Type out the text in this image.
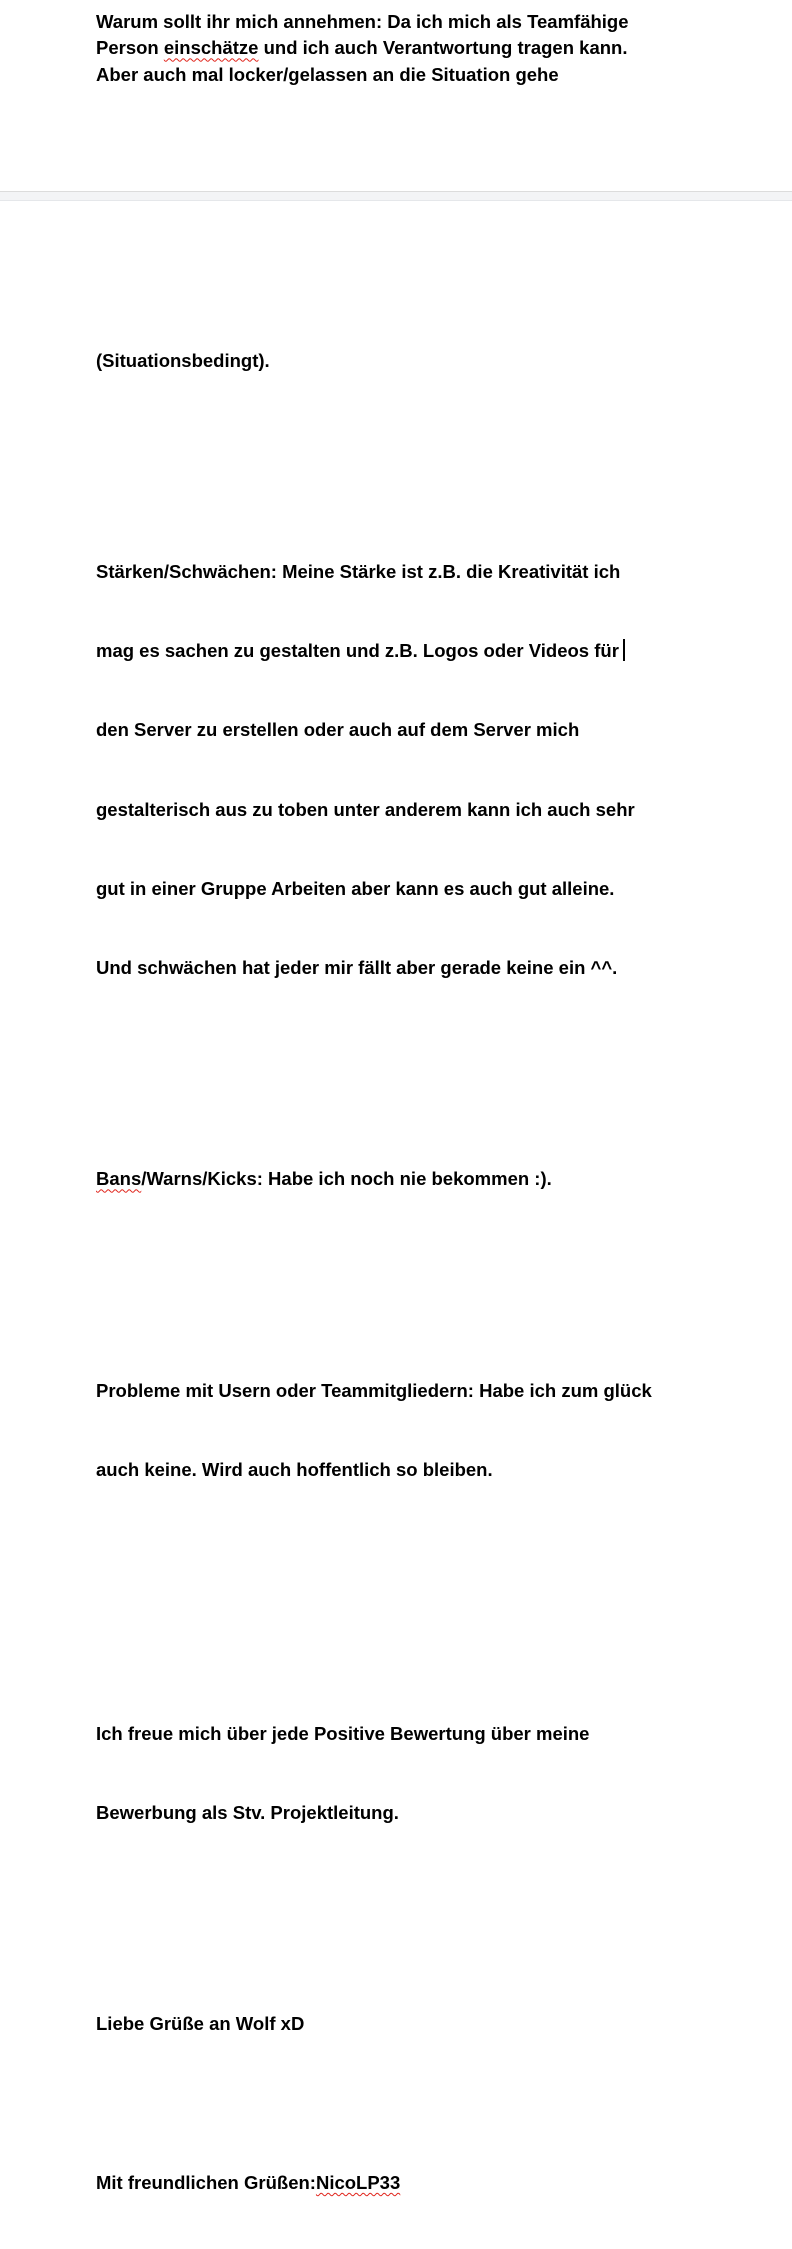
Warum sollt ihr mich annehmen: Da ich mich als Teamfähige
Person einschätze und ich auch Verantwortung tragen kann.
Aber auch mal locker/gelassen an die Situation gehe

(Situationsbedingt).

Stärken/Schwächen: Meine Stärke ist z.B. die Kreativität ich

mag es sachen zu gestalten und z.B. Logos oder Videos für

den Server zu erstellen oder auch auf dem Server mich

gestalterisch aus zu toben unter anderem kann ich auch sehr

gut in einer Gruppe Arbeiten aber kann es auch gut alleine.

Und schwächen hat jeder mir fällt aber gerade keine ein ^^.

Bans/Warns/Kicks: Habe ich noch nie bekommen :).

Probleme mit Usern oder Teammitgliedern: Habe ich zum glück

auch keine. Wird auch hoffentlich so bleiben.

Ich freue mich über jede Positive Bewertung über meine

Bewerbung als Stv. Projektleitung.

Liebe Grüße an Wolf xD

Mit freundlichen Grüßen:NicoLP33
